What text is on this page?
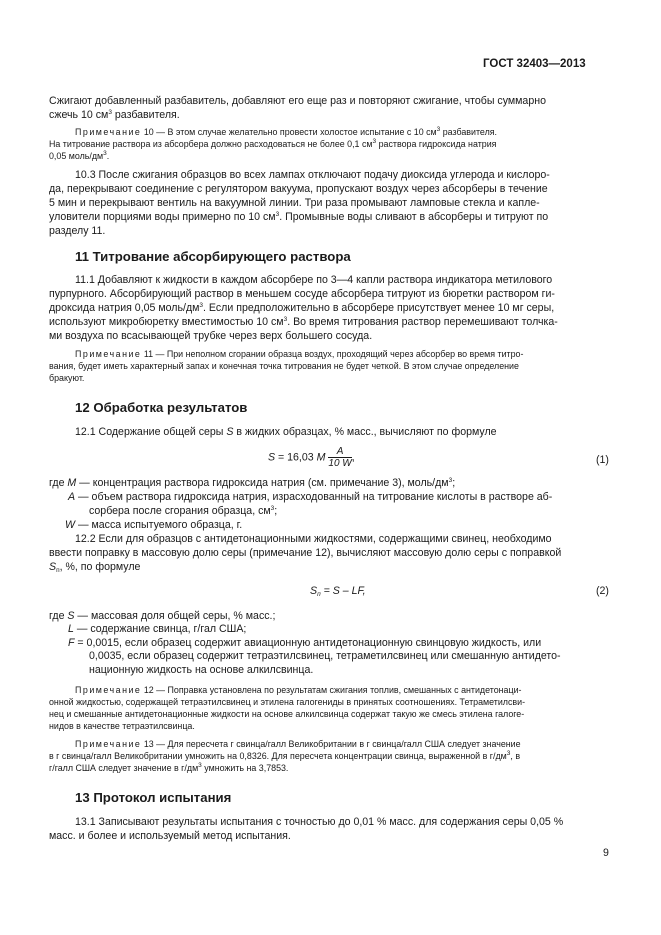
ГОСТ 32403—2013
Сжигают добавленный разбавитель, добавляют его еще раз и повторяют сжигание, чтобы суммарно
сжечь 10 $см^3$ разбавителя.
Примечание 10 — В этом случае желательно провести холостое испытание с 10 $см^3$ разбавителя.
На титрование раствора из абсорбера должно расходоваться не более 0,1 $см^3$ раствора гидроксида натрия
0,05 моль/$дм^3$.
10.3 После сжигания образцов во всех лампах отключают подачу диоксида углерода и кислоро-
да, перекрывают соединение с регулятором вакуума, пропускают воздух через абсорберы в течение
5 мин и перекрывают вентиль на вакуумной линии. Три раза промывают ламповые стекла и капле-
уловители порциями воды примерно по 10 $см^3$. Промывные воды сливают в абсорберы и титруют по
разделу 11.
11 Титрование абсорбирующего раствора
11.1 Добавляют к жидкости в каждом абсорбере по 3—4 капли раствора индикатора метилового
пурпурного. Абсорбирующий раствор в меньшем сосуде абсорбера титруют из бюретки раствором ги-
дроксида натрия 0,05 моль/$дм^3$. Если предположительно в абсорбере присутствует менее 10 мг серы,
используют микробюретку вместимостью 10 $см^3$. Во время титрования раствор перемешивают толчка-
ми воздуха по всасывающей трубке через верх большего сосуда.
Примечание 11 — При неполном сгорании образца воздух, проходящий через абсорбер во время титро-
вания, будет иметь характерный запах и конечная точка титрования не будет четкой. В этом случае определение
бракуют.
12 Обработка результатов
12.1 Содержание общей серы S в жидких образцах, % масс., вычисляют по формуле
S = 16,03 M $\frac{A}{10 W}$ ,	(1)
где M — концентрация раствора гидроксида натрия (см. примечание 3), моль/$дм^3$;
A — объем раствора гидроксида натрия, израсходованный на титрование кислоты в растворе аб-
сорбера после сгорания образца, $см^3$;
W — масса испытуемого образца, г.
12.2 Если для образцов с антидетонационными жидкостями, содержащими свинец, необходимо
ввести поправку в массовую долю серы (примечание 12), вычисляют массовую долю серы с поправкой
$S_п$, %, по формуле
$S_п = S$ – LF,	(2)
где S — массовая доля общей серы, % масс.;
L — содержание свинца, г/гал США;
F = 0,0015, если образец содержит авиационную антидетонационную свинцовую жидкость, или
0,0035, если образец содержит тетраэтилсвинец, тетраметилсвинец или смешанную антидето-
национную жидкость на основе алкилсвинца.
Примечание 12 — Поправка установлена по результатам сжигания топлив, смешанных с антидетонаци-
онной жидкостью, содержащей тетраэтилсвинец и этилена галогениды в принятых соотношениях. Тетраметилсви-
нец и смешанные антидетонационные жидкости на основе алкилсвинца содержат такую же смесь этилена галоге-
нидов в качестве тетраэтилсвинца.
Примечание 13 — Для пересчета г свинца/галл Великобритании в г свинца/галл США следует значение
в г свинца/галл Великобритании умножить на 0,8326. Для пересчета концентрации свинца, выраженной в $г/дм^3$, в
г/галл США следует значение в $г/дм^3$ умножить на 3,7853.
13 Протокол испытания
13.1 Записывают результаты испытания с точностью до 0,01 % масс. для содержания серы 0,05 %
масс. и более и используемый метод испытания.
9
